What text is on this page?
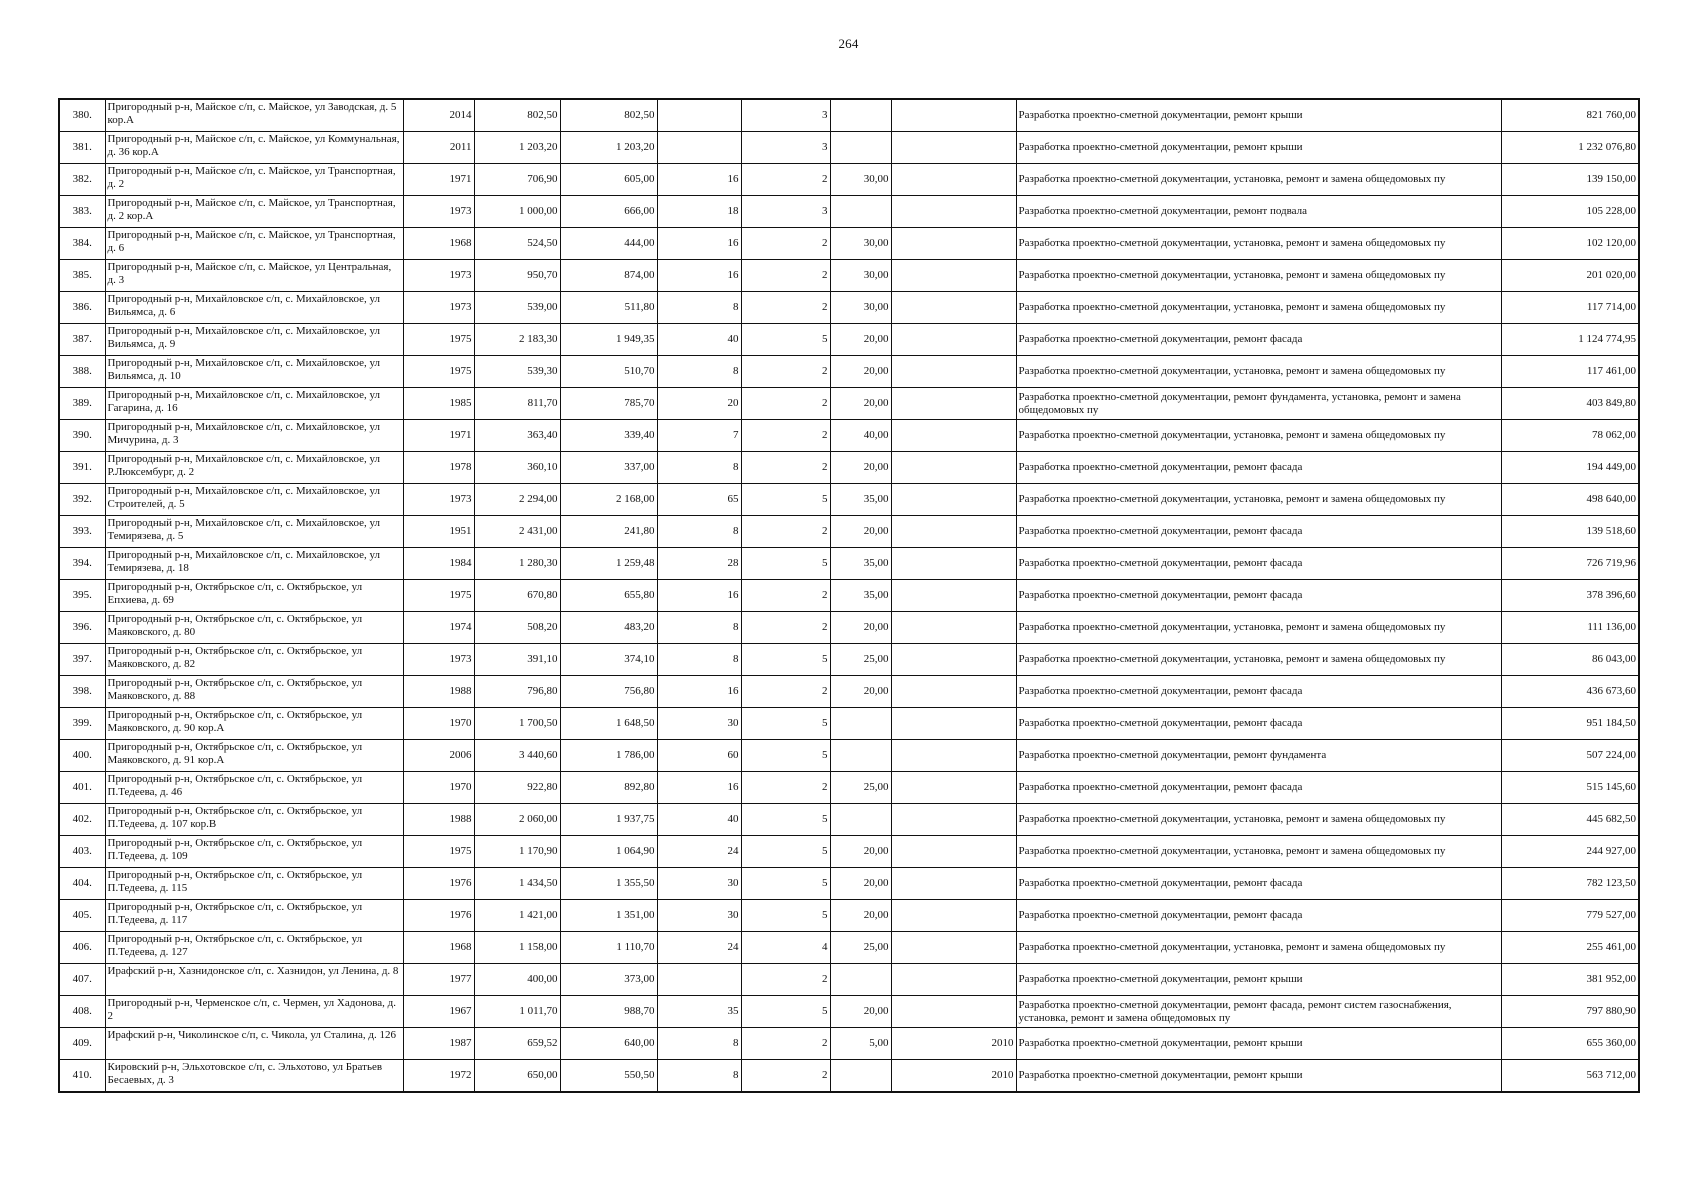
264
380.	Пригородный р-н, Майское с/п, с. Майское, ул Заводская, д. 5 кор.А	2014	802,50	802,50		3			Разработка проектно-сметной документации, ремонт крыши	821 760,00
381.	Пригородный р-н, Майское с/п, с. Майское, ул Коммунальная, д. 36 кор.А	2011	1 203,20	1 203,20		3			Разработка проектно-сметной документации, ремонт крыши	1 232 076,80
382.	Пригородный р-н, Майское с/п, с. Майское, ул Транспортная, д. 2	1971	706,90	605,00	16	2	30,00		Разработка проектно-сметной документации, установка, ремонт и замена общедомовых пу	139 150,00
383.	Пригородный р-н, Майское с/п, с. Майское, ул Транспортная, д. 2 кор.А	1973	1 000,00	666,00	18	3			Разработка проектно-сметной документации, ремонт подвала	105 228,00
384.	Пригородный р-н, Майское с/п, с. Майское, ул Транспортная, д. 6	1968	524,50	444,00	16	2	30,00		Разработка проектно-сметной документации, установка, ремонт и замена общедомовых пу	102 120,00
385.	Пригородный р-н, Майское с/п, с. Майское, ул Центральная, д. 3	1973	950,70	874,00	16	2	30,00		Разработка проектно-сметной документации, установка, ремонт и замена общедомовых пу	201 020,00
386.	Пригородный р-н, Михайловское с/п, с. Михайловское, ул Вильямса, д. 6	1973	539,00	511,80	8	2	30,00		Разработка проектно-сметной документации, установка, ремонт и замена общедомовых пу	117 714,00
387.	Пригородный р-н, Михайловское с/п, с. Михайловское, ул Вильямса, д. 9	1975	2 183,30	1 949,35	40	5	20,00		Разработка проектно-сметной документации, ремонт фасада	1 124 774,95
388.	Пригородный р-н, Михайловское с/п, с. Михайловское, ул Вильямса, д. 10	1975	539,30	510,70	8	2	20,00		Разработка проектно-сметной документации, установка, ремонт и замена общедомовых пу	117 461,00
389.	Пригородный р-н, Михайловское с/п, с. Михайловское, ул Гагарина, д. 16	1985	811,70	785,70	20	2	20,00		Разработка проектно-сметной документации, ремонт фундамента, установка, ремонт и замена общедомовых пу	403 849,80
390.	Пригородный р-н, Михайловское с/п, с. Михайловское, ул Мичурина, д. 3	1971	363,40	339,40	7	2	40,00		Разработка проектно-сметной документации, установка, ремонт и замена общедомовых пу	78 062,00
391.	Пригородный р-н, Михайловское с/п, с. Михайловское, ул Р.Люксембург, д. 2	1978	360,10	337,00	8	2	20,00		Разработка проектно-сметной документации, ремонт фасада	194 449,00
392.	Пригородный р-н, Михайловское с/п, с. Михайловское, ул Строителей, д. 5	1973	2 294,00	2 168,00	65	5	35,00		Разработка проектно-сметной документации, установка, ремонт и замена общедомовых пу	498 640,00
393.	Пригородный р-н, Михайловское с/п, с. Михайловское, ул Темирязева, д. 5	1951	2 431,00	241,80	8	2	20,00		Разработка проектно-сметной документации, ремонт фасада	139 518,60
394.	Пригородный р-н, Михайловское с/п, с. Михайловское, ул Темирязева, д. 18	1984	1 280,30	1 259,48	28	5	35,00		Разработка проектно-сметной документации, ремонт фасада	726 719,96
395.	Пригородный р-н, Октябрьское с/п, с. Октябрьское, ул Епхиева, д. 69	1975	670,80	655,80	16	2	35,00		Разработка проектно-сметной документации, ремонт фасада	378 396,60
396.	Пригородный р-н, Октябрьское с/п, с. Октябрьское, ул Маяковского, д. 80	1974	508,20	483,20	8	2	20,00		Разработка проектно-сметной документации, установка, ремонт и замена общедомовых пу	111 136,00
397.	Пригородный р-н, Октябрьское с/п, с. Октябрьское, ул Маяковского, д. 82	1973	391,10	374,10	8	5	25,00		Разработка проектно-сметной документации, установка, ремонт и замена общедомовых пу	86 043,00
398.	Пригородный р-н, Октябрьское с/п, с. Октябрьское, ул Маяковского, д. 88	1988	796,80	756,80	16	2	20,00		Разработка проектно-сметной документации, ремонт фасада	436 673,60
399.	Пригородный р-н, Октябрьское с/п, с. Октябрьское, ул Маяковского, д. 90 кор.А	1970	1 700,50	1 648,50	30	5			Разработка проектно-сметной документации, ремонт фасада	951 184,50
400.	Пригородный р-н, Октябрьское с/п, с. Октябрьское, ул Маяковского, д. 91 кор.А	2006	3 440,60	1 786,00	60	5			Разработка проектно-сметной документации, ремонт фундамента	507 224,00
401.	Пригородный р-н, Октябрьское с/п, с. Октябрьское, ул П.Тедеева, д. 46	1970	922,80	892,80	16	2	25,00		Разработка проектно-сметной документации, ремонт фасада	515 145,60
402.	Пригородный р-н, Октябрьское с/п, с. Октябрьское, ул П.Тедеева, д. 107 кор.В	1988	2 060,00	1 937,75	40	5			Разработка проектно-сметной документации, установка, ремонт и замена общедомовых пу	445 682,50
403.	Пригородный р-н, Октябрьское с/п, с. Октябрьское, ул П.Тедеева, д. 109	1975	1 170,90	1 064,90	24	5	20,00		Разработка проектно-сметной документации, установка, ремонт и замена общедомовых пу	244 927,00
404.	Пригородный р-н, Октябрьское с/п, с. Октябрьское, ул П.Тедеева, д. 115	1976	1 434,50	1 355,50	30	5	20,00		Разработка проектно-сметной документации, ремонт фасада	782 123,50
405.	Пригородный р-н, Октябрьское с/п, с. Октябрьское, ул П.Тедеева, д. 117	1976	1 421,00	1 351,00	30	5	20,00		Разработка проектно-сметной документации, ремонт фасада	779 527,00
406.	Пригородный р-н, Октябрьское с/п, с. Октябрьское, ул П.Тедеева, д. 127	1968	1 158,00	1 110,70	24	4	25,00		Разработка проектно-сметной документации, установка, ремонт и замена общедомовых пу	255 461,00
407.	Ирафский р-н, Хазнидонское с/п, с. Хазнидон, ул Ленина, д. 8	1977	400,00	373,00		2			Разработка проектно-сметной документации, ремонт крыши	381 952,00
408.	Пригородный р-н, Черменское с/п, с. Чермен, ул Хадонова, д. 2	1967	1 011,70	988,70	35	5	20,00		Разработка проектно-сметной документации, ремонт фасада, ремонт систем газоснабжения, установка, ремонт и замена общедомовых пу	797 880,90
409.	Ирафский р-н, Чиколинское с/п, с. Чикола, ул Сталина, д. 126	1987	659,52	640,00	8	2	5,00	2010	Разработка проектно-сметной документации, ремонт крыши	655 360,00
410.	Кировский р-н, Эльхотовское с/п, с. Эльхотово, ул Братьев Бесаевых, д. 3	1972	650,00	550,50	8	2		2010	Разработка проектно-сметной документации, ремонт крыши	563 712,00
